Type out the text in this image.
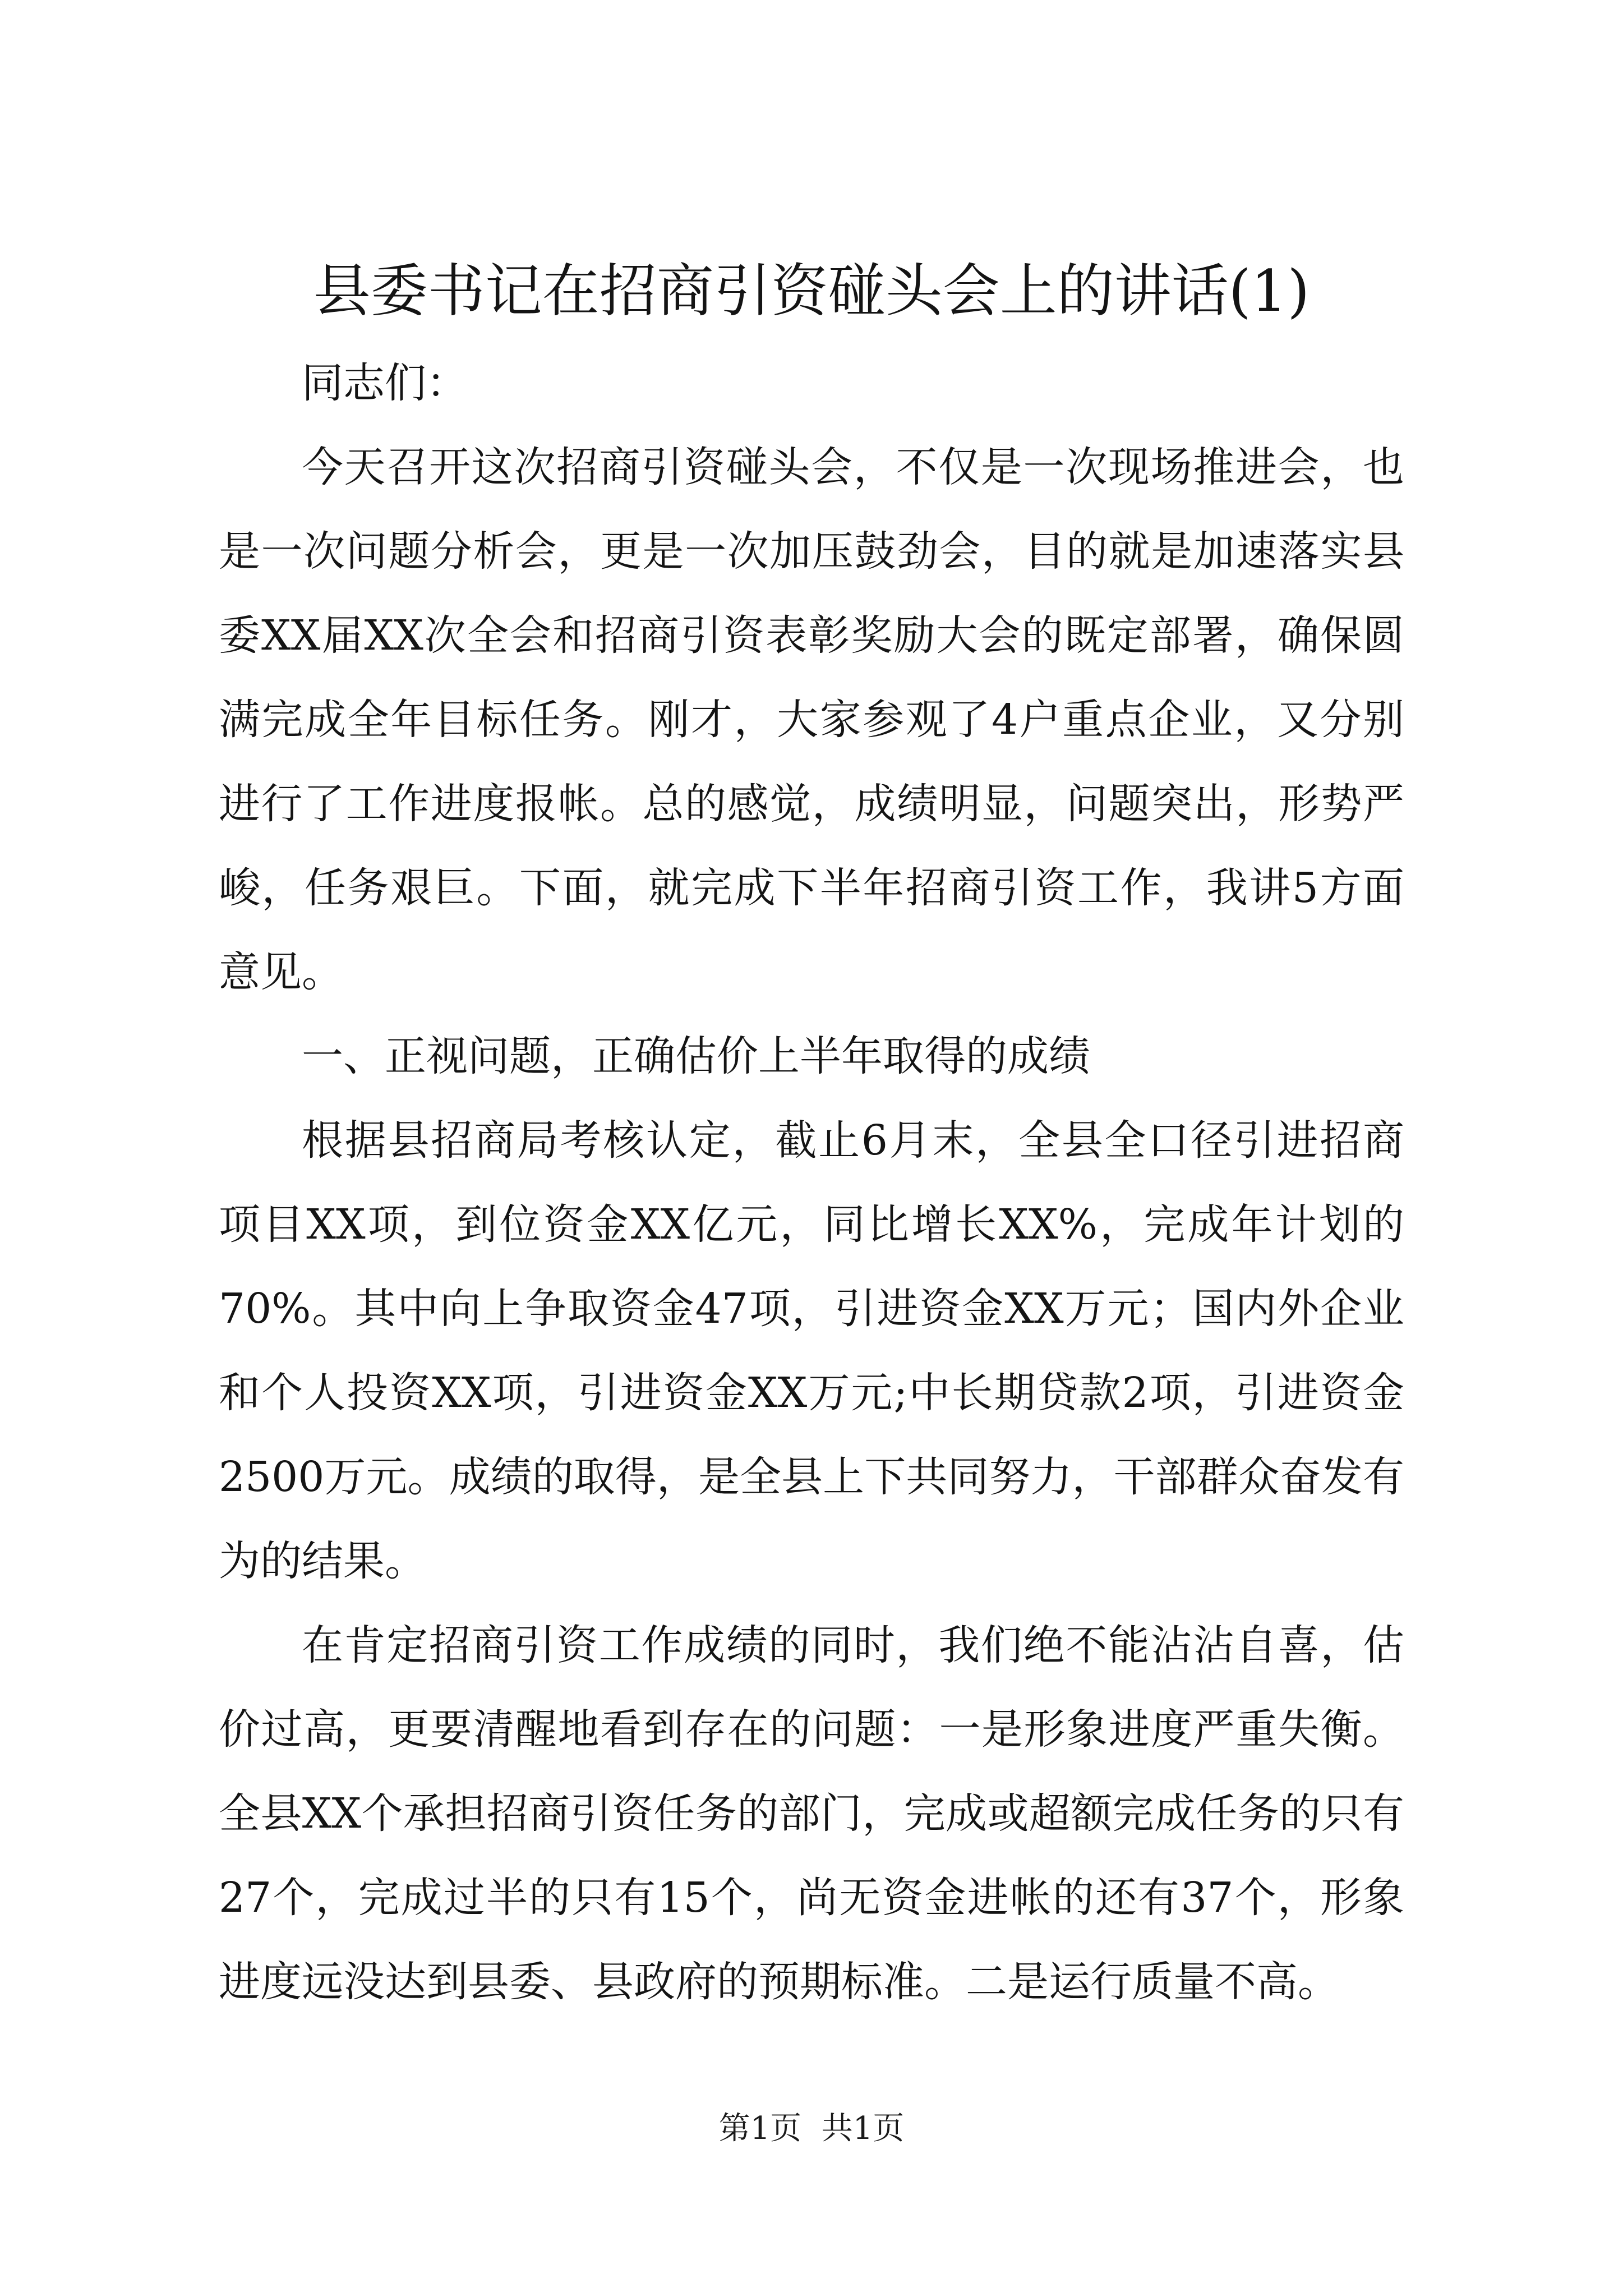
县委书记在招商引资碰头会上的讲话(1)

同志们：

今天召开这次招商引资碰头会，不仅是一次现场推进会，也是一次问题分析会，更是一次加压鼓劲会，目的就是加速落实县委XX届XX次全会和招商引资表彰奖励大会的既定部署，确保圆满完成全年目标任务。刚才，大家参观了4户重点企业，又分别进行了工作进度报帐。总的感觉，成绩明显，问题突出，形势严峻，任务艰巨。下面，就完成下半年招商引资工作，我讲5方面意见。

一、正视问题，正确估价上半年取得的成绩

根据县招商局考核认定，截止6月末，全县全口径引进招商项目XX项，到位资金XX亿元，同比增长XX%，完成年计划的70%。其中向上争取资金47项，引进资金XX万元；国内外企业和个人投资XX项，引进资金XX万元;中长期贷款2项，引进资金2500万元。成绩的取得，是全县上下共同努力，干部群众奋发有为的结果。

在肯定招商引资工作成绩的同时，我们绝不能沾沾自喜，估价过高，更要清醒地看到存在的问题：一是形象进度严重失衡。全县XX个承担招商引资任务的部门，完成或超额完成任务的只有27个，完成过半的只有15个，尚无资金进帐的还有37个，形象进度远没达到县委、县政府的预期标准。二是运行质量不高。

第1页  共1页
